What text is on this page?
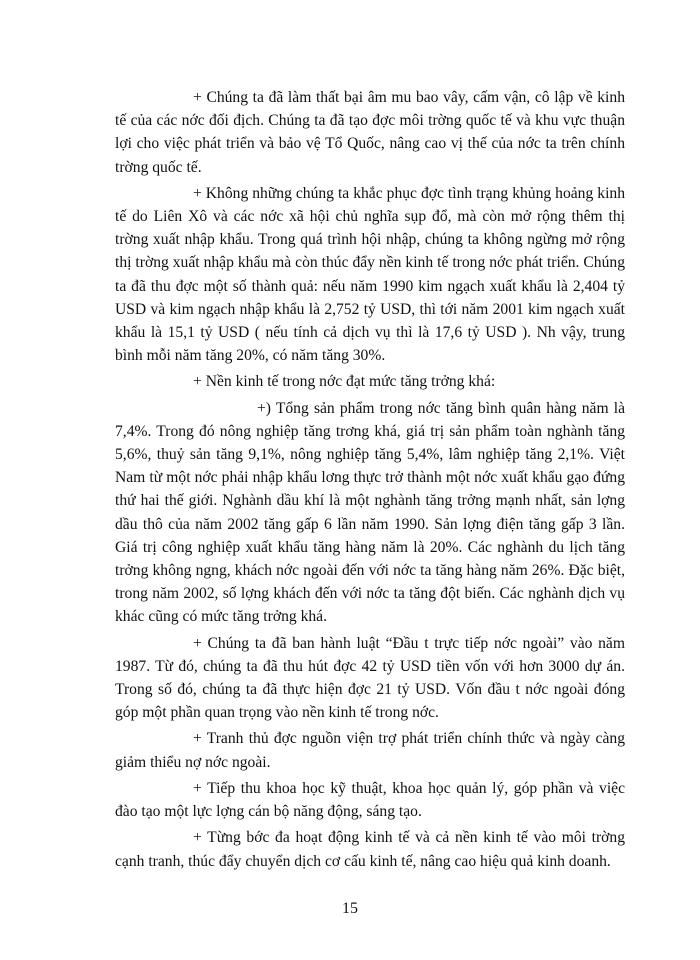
+ Chúng ta đã làm thất bại âm mu bao vây, cấm vận, cô lập về kinh tế của các nớc đối địch. Chúng ta đã tạo đợc môi trờng quốc tế và khu vực thuận lợi cho việc phát triển và bảo vệ Tổ Quốc, nâng cao vị thế của nớc ta trên chính trờng quốc tế.

+ Không những chúng ta khắc phục đợc tình trạng khủng hoảng kinh tế do Liên Xô và các nớc xã hội chủ nghĩa sụp đổ, mà còn mở rộng thêm thị trờng xuất nhập khẩu. Trong quá trình hội nhập, chúng ta không ngừng mở rộng thị trờng xuất nhập khẩu mà còn thúc đẩy nền kinh tế trong nớc phát triển. Chúng ta đã thu đợc một số thành quả: nếu năm 1990 kim ngạch xuất khẩu là 2,404 tỷ USD và kim ngạch nhập khẩu là 2,752 tỷ USD, thì tới năm 2001 kim ngạch xuất khẩu là 15,1 tỷ USD ( nếu tính cả dịch vụ thì là 17,6 tỷ USD ). Nh vậy, trung bình mỗi năm tăng 20%, có năm tăng 30%.

+ Nền kinh tế trong nớc đạt mức tăng trởng khá:

+) Tổng sản phẩm trong nớc tăng bình quân hàng năm là 7,4%. Trong đó nông nghiệp tăng trơng khá, giá trị sản phẩm toàn nghành tăng 5,6%, thuỷ sản tăng 9,1%, nông nghiệp tăng 5,4%, lâm nghiệp tăng 2,1%. Việt Nam từ một nớc phải nhập khẩu lơng thực trở thành một nớc xuất khẩu gạo đứng thứ hai thế giới. Nghành dầu khí là một nghành tăng trởng mạnh nhất, sản lợng dầu thô của năm 2002 tăng gấp 6 lần năm 1990. Sản lợng điện tăng gấp 3 lần. Giá trị công nghiệp xuất khẩu tăng hàng năm là 20%. Các nghành du lịch tăng trởng không ngng, khách nớc ngoài đến với nớc ta tăng hàng năm 26%. Đặc biệt, trong năm 2002, số lợng khách đến với nớc ta tăng đột biến. Các nghành dịch vụ khác cũng có mức tăng trởng khá.

+ Chúng ta đã ban hành luật “Đầu t trực tiếp nớc ngoài” vào năm 1987. Từ đó, chúng ta đã thu hút đợc 42 tỷ USD tiền vốn với hơn 3000 dự án. Trong số đó, chúng ta đã thực hiện đợc 21 tỷ USD. Vốn đầu t nớc ngoài đóng góp một phần quan trọng vào nền kinh tế trong nớc.

+ Tranh thủ đợc nguồn viện trợ phát triển chính thức và ngày càng giảm thiểu nợ nớc ngoài.

+ Tiếp thu khoa học kỹ thuật, khoa học quản lý, góp phần và việc đào tạo một lực lợng cán bộ năng động, sáng tạo.

+ Từng bớc đa hoạt động kinh tế và cả nền kinh tế vào môi trờng cạnh tranh, thúc đẩy chuyển dịch cơ cấu kinh tế, nâng cao hiệu quả kinh doanh.

15
